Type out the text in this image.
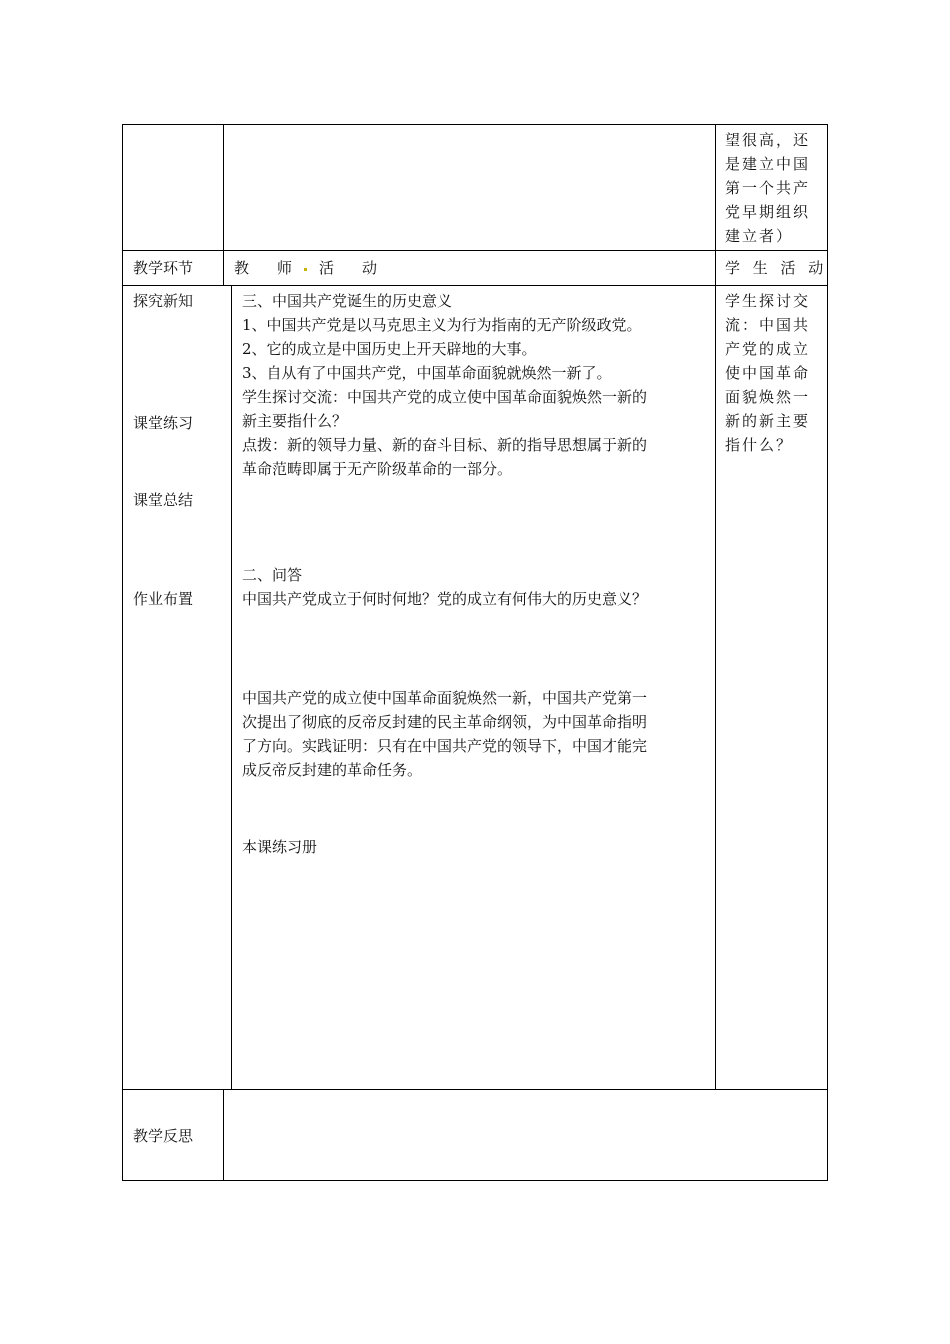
望很高，还
是建立中国
第一个共产
党早期组织
建立者）
教学环节	教 师 活 动	学 生 活 动
探究新知
课堂练习
课堂总结
作业布置
教学反思
三、中国共产党诞生的历史意义
1、中国共产党是以马克思主义为行为指南的无产阶级政党。
2、它的成立是中国历史上开天辟地的大事。
3、自从有了中国共产党，中国革命面貌就焕然一新了。
学生探讨交流：中国共产党的成立使中国革命面貌焕然一新的
新主要指什么？
点拨：新的领导力量、新的奋斗目标、新的指导思想属于新的
革命范畴即属于无产阶级革命的一部分。
二、问答
中国共产党成立于何时何地？党的成立有何伟大的历史意义？
中国共产党的成立使中国革命面貌焕然一新，中国共产党第一
次提出了彻底的反帝反封建的民主革命纲领，为中国革命指明
了方向。实践证明：只有在中国共产党的领导下，中国才能完
成反帝反封建的革命任务。
本课练习册
学生探讨交
流：中国共
产党的成立
使中国革命
面貌焕然一
新的新主要
指什么？
